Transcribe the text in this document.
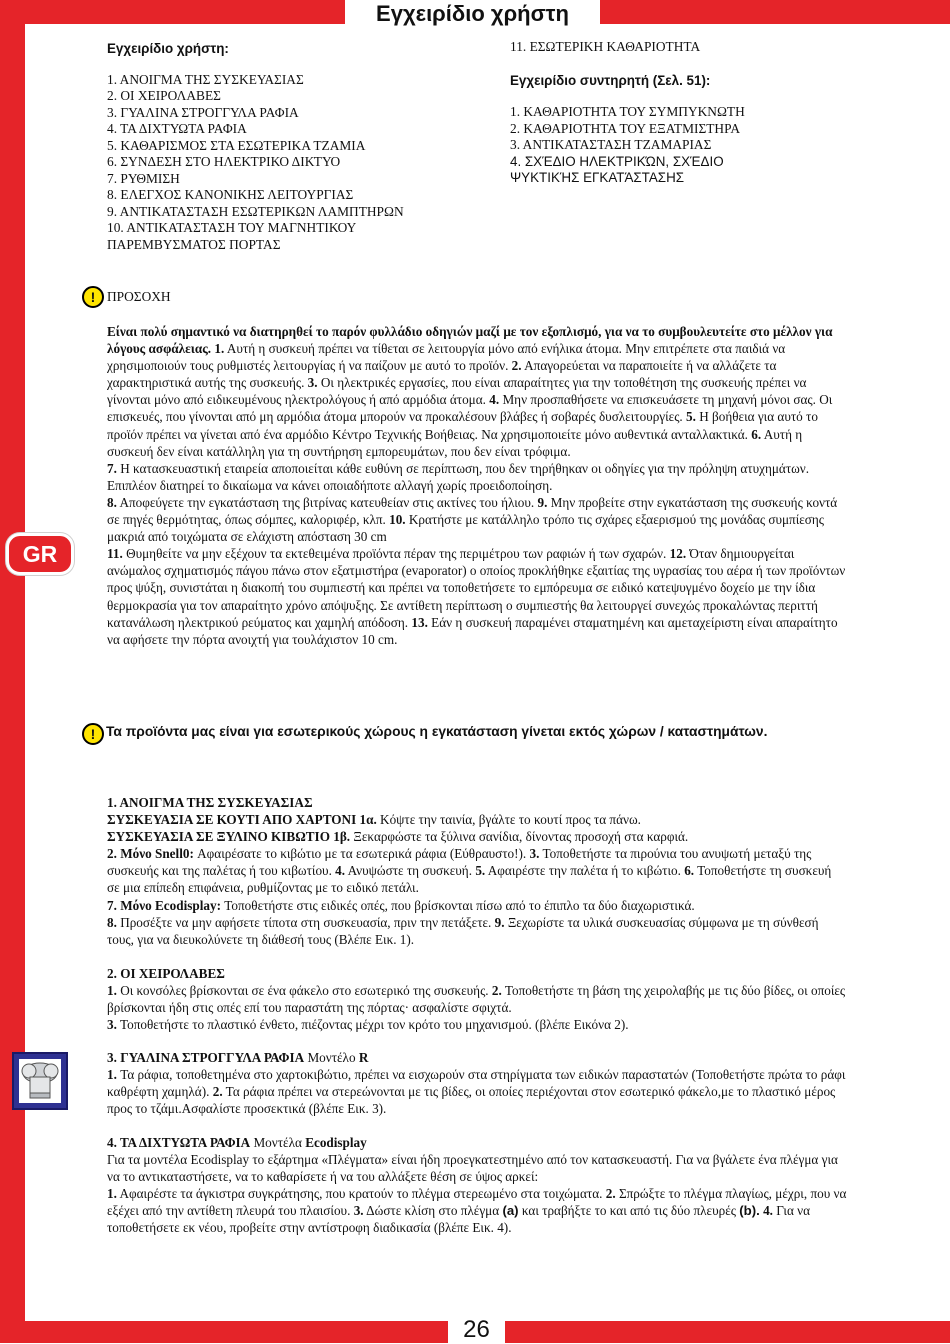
Εγχειρίδιο χρήστη
26
GR
Εγχειρίδιο χρήστη:
1. ΑΝΟΙΓΜΑ ΤΗΣ ΣΥΣΚΕΥΑΣΙΑΣ
2. ΟΙ ΧΕΙΡΟΛΑΒΕΣ
3. ΓΥΑΛΙΝΑ ΣΤΡΟΓΓΥΛΑ ΡΑΦΙΑ
4. ΤΑ ΔΙΧΤΥΩΤΑ ΡΑΦΙΑ
5. ΚΑΘΑΡΙΣΜΟΣ ΣΤΑ ΕΣΩΤΕΡΙΚΑ ΤΖΑΜΙΑ
6. ΣΥΝΔΕΣΗ ΣΤΟ ΗΛΕΚΤΡΙΚΟ ΔΙΚΤΥΟ
7. ΡΥΘΜΙΣΗ
8. ΕΛΕΓΧΟΣ ΚΑΝΟΝΙΚΗΣ ΛΕΙΤΟΥΡΓΙΑΣ
9. ΑΝΤΙΚΑΤΑΣΤΑΣΗ ΕΣΩΤΕΡΙΚΩΝ ΛΑΜΠΤΗΡΩΝ
10. ΑΝΤΙΚΑΤΑΣΤΑΣΗ ΤΟΥ ΜΑΓΝΗΤΙΚΟΥ
ΠΑΡΕΜΒΥΣΜΑΤΟΣ ΠΟΡΤΑΣ
11. ΕΣΩΤΕΡΙΚΗ ΚΑΘΑΡΙΟΤΗΤΑ
Εγχειρίδιο συντηρητή (Σελ. 51):
1. ΚΑΘΑΡΙΟΤΗΤΑ ΤΟΥ ΣΥΜΠΥΚΝΩΤΗ
2. ΚΑΘΑΡΙΟΤΗΤΑ ΤΟΥ ΕΞΑΤΜΙΣΤΗΡΑ
3. ΑΝΤΙΚΑΤΑΣΤΑΣΗ ΤΖΑΜΑΡΙΑΣ
4. ΣΧΈΔΙΟ ΗΛΕΚΤΡΙΚΏΝ, ΣΧΈΔΙΟ
ΨΥΚΤΙΚΉΣ ΕΓΚΑΤΆΣΤΑΣΗΣ
! ΠΡΟΣΟΧΗ
Είναι πολύ σημαντικό να διατηρηθεί το παρόν φυλλάδιο οδηγιών μαζί με τον εξοπλισμό, για να το συμβουλευτείτε στο μέλλον για λόγους ασφάλειας. 1. Αυτή η συσκευή πρέπει να τίθεται σε λειτουργία μόνο από ενήλικα άτομα. Μην επιτρέπετε στα παιδιά να χρησιμοποιούν τους ρυθμιστές λειτουργίας ή να παίζουν με αυτό το προϊόν. 2. Απαγορεύεται να παραποιείτε ή να αλλάζετε τα χαρακτηριστικά αυτής της συσκευής. 3. Οι ηλεκτρικές εργασίες, που είναι απαραίτητες για την τοποθέτηση της συσκευής πρέπει να γίνονται μόνο από ειδικευμένους ηλεκτρολόγους ή από αρμόδια άτομα. 4. Μην προσπαθήσετε να επισκευάσετε τη μηχανή μόνοι σας. Οι επισκευές, που γίνονται από μη αρμόδια άτομα μπορούν να προκαλέσουν βλάβες ή σοβαρές δυσλειτουργίες. 5. Η βοήθεια για αυτό το προϊόν πρέπει να γίνεται από ένα αρμόδιο Κέντρο Τεχνικής Βοήθειας. Να χρησιμοποιείτε μόνο αυθεντικά ανταλλακτικά. 6. Αυτή η συσκευή δεν είναι κατάλληλη για τη συντήρηση εμπορευμάτων, που δεν είναι τρόφιμα.
7. Η κατασκευαστική εταιρεία αποποιείται κάθε ευθύνη σε περίπτωση, που δεν τηρήθηκαν οι οδηγίες για την πρόληψη ατυχημάτων. Επιπλέον διατηρεί το δικαίωμα να κάνει οποιαδήποτε αλλαγή χωρίς προειδοποίηση.
8. Αποφεύγετε την εγκατάσταση της βιτρίνας κατευθείαν στις ακτίνες του ήλιου. 9. Μην προβείτε στην εγκατάσταση της συσκευής κοντά σε πηγές θερμότητας, όπως σόμπες, καλοριφέρ, κλπ. 10. Κρατήστε με κατάλληλο τρόπο τις σχάρες εξαερισμού της μονάδας συμπίεσης μακριά από τοιχώματα σε ελάχιστη απόσταση 30 cm
11. Θυμηθείτε να μην εξέχουν τα εκτεθειμένα προϊόντα πέραν της περιμέτρου των ραφιών ή των σχαρών. 12. Όταν δημιουργείται ανώμαλος σχηματισμός πάγου πάνω στον εξατμιστήρα (evaporator) ο οποίος προκλήθηκε εξαιτίας της υγρασίας του αέρα ή των προϊόντων προς ψύξη, συνιστάται η διακοπή του συμπιεστή και πρέπει να τοποθετήσετε το εμπόρευμα σε ειδικό κατεψυγμένο δοχείο με την ίδια θερμοκρασία για τον απαραίτητο χρόνο απόψυξης. Σε αντίθετη περίπτωση ο συμπιεστής θα λειτουργεί συνεχώς προκαλώντας περιττή κατανάλωση ηλεκτρικού ρεύματος και χαμηλή απόδοση. 13. Εάν η συσκευή παραμένει σταματημένη και αμεταχείριστη είναι απαραίτητο να αφήσετε την πόρτα ανοιχτή για τουλάχιστον 10 cm.
! Τα προϊόντα μας είναι για εσωτερικούς χώρους η εγκατάσταση γίνεται εκτός χώρων / καταστημάτων.
1. ΑΝΟΙΓΜΑ ΤΗΣ ΣΥΣΚΕΥΑΣΙΑΣ
ΣΥΣΚΕΥΑΣΙΑ ΣΕ ΚΟΥΤΙ ΑΠΟ ΧΑΡΤΟΝΙ 1α. Κόψτε την ταινία, βγάλτε το κουτί προς τα πάνω.
ΣΥΣΚΕΥΑΣΙΑ ΣΕ ΞΥΛΙΝΟ ΚΙΒΩΤΙΟ 1β. Ξεκαρφώστε τα ξύλινα σανίδια, δίνοντας προσοχή στα καρφιά.
2. Μόνο Snell0: Αφαιρέσατε το κιβώτιο με τα εσωτερικά ράφια (Εύθραυστο!). 3. Τοποθετήστε τα πιρούνια του ανυψωτή μεταξύ της συσκευής και της παλέτας ή του κιβωτίου. 4. Ανυψώστε τη συσκευή. 5. Αφαιρέστε την παλέτα ή το κιβώτιο. 6. Τοποθετήστε τη συσκευή σε μια επίπεδη επιφάνεια, ρυθμίζοντας με το ειδικό πετάλι.
7. Μόνο Ecodisplay: Τοποθετήστε στις ειδικές οπές, που βρίσκονται πίσω από το έπιπλο τα δύο διαχωριστικά.
8. Προσέξτε να μην αφήσετε τίποτα στη συσκευασία, πριν την πετάξετε. 9. Ξεχωρίστε τα υλικά συσκευασίας σύμφωνα με τη σύνθεσή τους, για να διευκολύνετε τη διάθεσή τους (Βλέπε Εικ. 1).
2. ΟΙ ΧΕΙΡΟΛΑΒΕΣ
1. Οι κονσόλες βρίσκονται σε ένα φάκελο στο εσωτερικό της συσκευής. 2. Τοποθετήστε τη βάση της χειρολαβής με τις δύο βίδες, οι οποίες βρίσκονται ήδη στις οπές επί του παραστάτη της πόρτας· ασφαλίστε σφιχτά.
3. Τοποθετήστε το πλαστικό ένθετο, πιέζοντας μέχρι τον κρότο του μηχανισμού. (βλέπε Εικόνα 2).
3. ΓΥΑΛΙΝΑ ΣΤΡΟΓΓΥΛΑ ΡΑΦΙΑ Μοντέλο R
1. Τα ράφια, τοποθετημένα στο χαρτοκιβώτιο, πρέπει να εισχωρούν στα στηρίγματα των ειδικών παραστατών (Τοποθετήστε πρώτα το ράφι καθρέφτη χαμηλά). 2. Τα ράφια πρέπει να στερεώνονται με τις βίδες, οι οποίες περιέχονται στον εσωτερικό φάκελο,με το πλαστικό μέρος προς το τζάμι.Ασφαλίστε προσεκτικά (βλέπε Εικ. 3).
4. ΤΑ ΔΙΧΤΥΩΤΑ ΡΑΦΙΑ Μοντέλα Ecodisplay
Για τα μοντέλα Ecodisplay το εξάρτημα «Πλέγματα» είναι ήδη προεγκατεστημένο από τον κατασκευαστή. Για να βγάλετε ένα πλέγμα για να το αντικαταστήσετε, να το καθαρίσετε ή να του αλλάξετε θέση σε ύψος αρκεί:
1. Αφαιρέστε τα άγκιστρα συγκράτησης, που κρατούν το πλέγμα στερεωμένο στα τοιχώματα. 2. Σπρώξτε το πλέγμα πλαγίως, μέχρι, που να εξέχει από την αντίθετη πλευρά του πλαισίου. 3. Δώστε κλίση στο πλέγμα (a) και τραβήξτε το και από τις δύο πλευρές (b). 4. Για να τοποθετήσετε εκ νέου, προβείτε στην αντίστροφη διαδικασία (βλέπε Εικ. 4).
